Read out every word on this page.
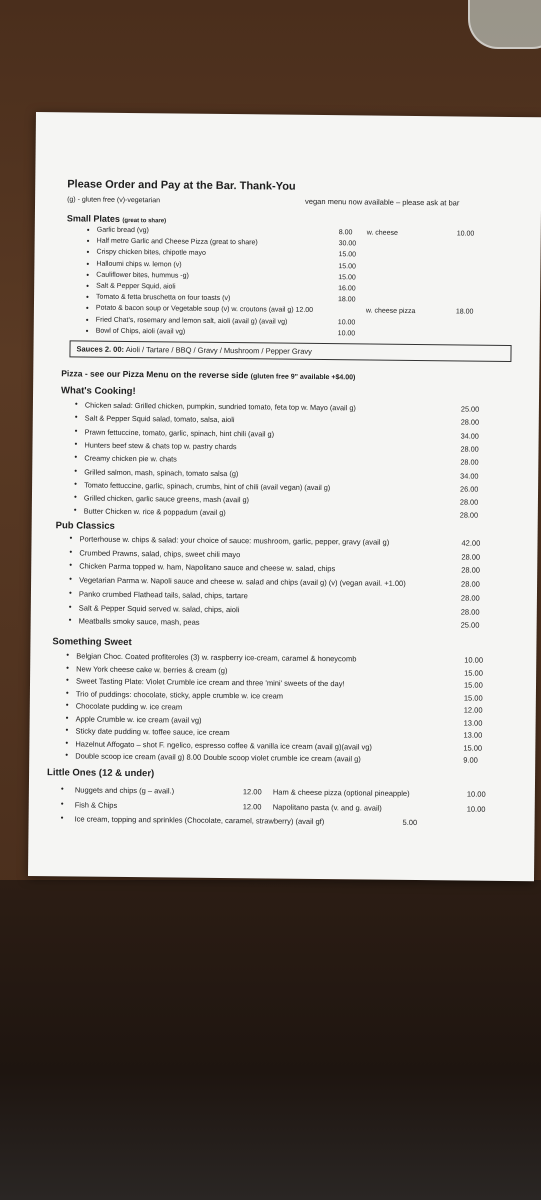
Please Order and Pay at the Bar. Thank-You
(g) - gluten free (v)-vegetarian	vegan menu now available – please ask at bar
Small Plates (great to share)
• Garlic bread (vg)	8.00 w. cheese	10.00
• Half metre Garlic and Cheese Pizza (great to share)	30.00
• Crispy chicken bites, chipotle mayo	15.00
• Halloumi chips w. lemon (v)	15.00
• Cauliflower bites, hummus -g)	15.00
• Salt & Pepper Squid, aioli	16.00
• Tomato & fetta bruschetta on four toasts (v)	18.00
• Potato & bacon soup or Vegetable soup (v) w. croutons (avail g) 12.00	w. cheese pizza	18.00
• Fried Chat's, rosemary and lemon salt, aioli (avail g) (avail vg)	10.00
• Bowl of Chips, aioli (avail vg)	10.00
Sauces 2. 00: Aioli / Tartare / BBQ / Gravy / Mushroom / Pepper Gravy
Pizza - see our Pizza Menu on the reverse side (gluten free 9" available +$4.00)
What's Cooking!
• Chicken salad: Grilled chicken, pumpkin, sundried tomato, feta top w. Mayo (avail g)	25.00
• Salt & Pepper Squid salad, tomato, salsa, aioli	28.00
• Prawn fettuccine, tomato, garlic, spinach, hint chili (avail g)	34.00
• Hunters beef stew & chats top w. pastry chards	28.00
• Creamy chicken pie w. chats	28.00
• Grilled salmon, mash, spinach, tomato salsa (g)	34.00
• Tomato fettuccine, garlic, spinach, crumbs, hint of chili (avail vegan) (avail g)	26.00
• Grilled chicken, garlic sauce greens, mash (avail g)	28.00
• Butter Chicken w. rice & poppadum (avail g)	28.00
Pub Classics
• Porterhouse w. chips & salad: your choice of sauce: mushroom, garlic, pepper, gravy (avail g)	42.00
• Crumbed Prawns, salad, chips, sweet chili mayo	28.00
• Chicken Parma topped w. ham, Napolitano sauce and cheese w. salad, chips	28.00
• Vegetarian Parma w. Napoli sauce and cheese w. salad and chips (avail g) (v) (vegan avail. +1.00)	28.00
• Panko crumbed Flathead tails, salad, chips, tartare	28.00
• Salt & Pepper Squid served w. salad, chips, aioli	28.00
• Meatballs smoky sauce, mash, peas	25.00
Something Sweet
• Belgian Choc. Coated profiteroles (3) w. raspberry ice-cream, caramel & honeycomb	10.00
• New York cheese cake w. berries & cream (g)	15.00
• Sweet Tasting Plate: Violet Crumble ice cream and three 'mini' sweets of the day!	15.00
• Trio of puddings: chocolate, sticky, apple crumble w. ice cream	15.00
• Chocolate pudding w. ice cream	12.00
• Apple Crumble w. ice cream (avail vg)	13.00
• Sticky date pudding w. toffee sauce, ice cream	13.00
• Hazelnut Affogato – shot F. ngelico, espresso coffee & vanilla ice cream (avail g)(avail vg)	15.00
• Double scoop ice cream (avail g) 8.00 Double scoop violet crumble ice cream (avail g)	9.00
Little Ones (12 & under)
• Nuggets and chips (g – avail.)	12.00 Ham & cheese pizza (optional pineapple)	10.00
• Fish & Chips	12.00 Napolitano pasta (v. and g. avail)	10.00
• Ice cream, topping and sprinkles (Chocolate, caramel, strawberry) (avail gf)	5.00
